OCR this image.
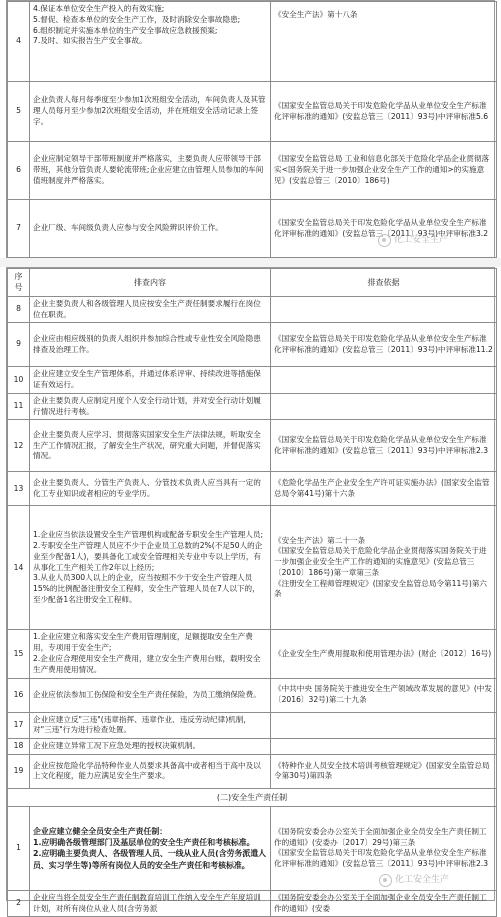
4	4.保证本单位安全生产投入的有效实施;
5.督促、检查本单位的安全生产工作，及时消除安全事故隐患;
6.组织制定并实施本单位的生产安全事故应急救援预案;
7.及时、如实报告生产安全事故。	《安全生产法》第十八条
5	企业负责人每月每季度至少参加1次班组安全活动，车间负责人及其管理人员每月至少参加2次班组安全活动，并在班组安全活动记录上签字。	《国家安全监管总局关于印发危险化学品从业单位安全生产标准化评审标准的通知》(安监总管三〔2011〕93号)中评审标准5.6
6	企业应制定领导干部带班制度并严格落实，主要负责人应带领导干部带班，其他分管负责人要轮流带班;企业应建立由管理人员参加的车间值班制度并严格落实。	《国家安全监管总局 工业和信息化部关于危险化学品企业贯彻落实<国务院关于进一步加强企业安全生产工作的通知>的实施意见》(安监总管三〔2010〕186号)
7	企业厂级、车间级负责人应参与安全风险辨识评价工作。	《国家安全监管总局关于印发危险化学品从业单位安全生产标准化评审标准的通知》(安监总管三〔2011〕93号)中评审标准3.2
化工安全生产
序号	排查内容	排查依据
8	企业主要负责人和各级管理人员应按安全生产责任制要求履行在岗位位在职责。	
9	企业应由相应级别的负责人组织并参加综合性或专业性安全风险隐患排查及治理工作。	《国家安全监管总局关于印发危险化学品从业单位安全生产标准化评审标准的通知》(安监总管三〔2011〕93号)中评审标准11.2
10	企业应建立安全生产管理体系，并通过体系评审、持续改进等措施保证有效运行。	
11	企业主要负责人应制定月度个人安全行动计划，并对安全行动计划履行情况进行考核。	
12	企业主要负责人应学习、贯彻落实国家安全生产法律法规，听取安全生产工作情况汇报，了解安全生产状况，研究重大问题，并督促落实情况。	《国家安全监管总局关于印发危险化学品从业单位安全生产标准化评审标准的通知》(安监总管三〔2011〕93号)中评审标准2.3
13	企业主要负责人、分管生产负责人、分管技术负责人应当具有一定的化工专业知识或者相应的专业学历。	《危险化学品生产企业安全生产许可证实施办法》(国家安全监管总局令第41号)第十六条
14	1.企业应当依法设置安全生产管理机构或配备专职安全生产管理人员;
2.专职安全生产管理人员应不少于企业员工总数的2%(不足50人的企业至少配备1人)，要具备化工或安全管理相关专业中专以上学历，有从事化工生产相关工作2年以上经历;
3.从业人员300人以上的企业，应当按照不少于安全生产管理人员15%的比例配备注册安全工程师，安全生产管理人员在7人以下的，至少配备1名注册安全工程师。	《安全生产法》第二十一条
《国家安全监管总局关于危险化学品企业贯彻落实国务院关于进一步加强企业安全生产工作的通知的实施意见》(安监总管三〔2010〕186号)第一章第三条
《注册安全工程师管理规定》(国家安全监管总局令第11号)第六条
15	1.企业应建立和落实安全生产费用管理制度，足额提取安全生产费用，专项用于安全生产;
2.企业应合理使用安全生产费用，建立安全生产费用台账，载明安全生产费用使用情况。	《企业安全生产费用提取和使用管理办法》(财企〔2012〕16号)
16	企业应依法参加工伤保险和安全生产责任保险，为员工缴纳保险费。	《中共中央 国务院关于推进安全生产领域改革发展的意见》(中发〔2016〕32号)第二十九条
17	企业应建立反"三违"(违章指挥、违章作业、违反劳动纪律)机制，对"三违"行为进行检查处置。	
18	企业应建立异常工况下应急处理的授权决策机制。	
19	企业应按危险化学品特种作业人员要求具备高中或者相当于高中及以上文化程度，能力应满足安全生产要求。	《特种作业人员安全技术培训考核管理规定》(国家安全监管总局令第30号)第四条
(二)安全生产责任制		
1	企业应建立健全全员安全生产责任制：
1.应明确各级管理部门及基层单位的安全生产责任和考核标准。
2.应明确主要负责人、各级管理人员、一线从业人员(含劳务派遣人员、实习学生等)等所有岗位人员的安全生产责任和考核标准。	《国务院安委会办公室关于全面加强企业全员安全生产责任制工作的通知》(安委办〔2017〕29号)第三条
《国家安全监管总局关于印发危险化学品从业单位安全生产标准化评审标准的通知》(安监总管三〔2011〕93号)中评审标准2.3
2	企业应当将全员安全生产责任制教育培训工作纳入安全生产年度培训计划，对所有岗位从业人员(含劳务派	《国务院安委会办公室关于全面加强企业全员安全生产责任制工作的通知》(安委
化工安全生产
